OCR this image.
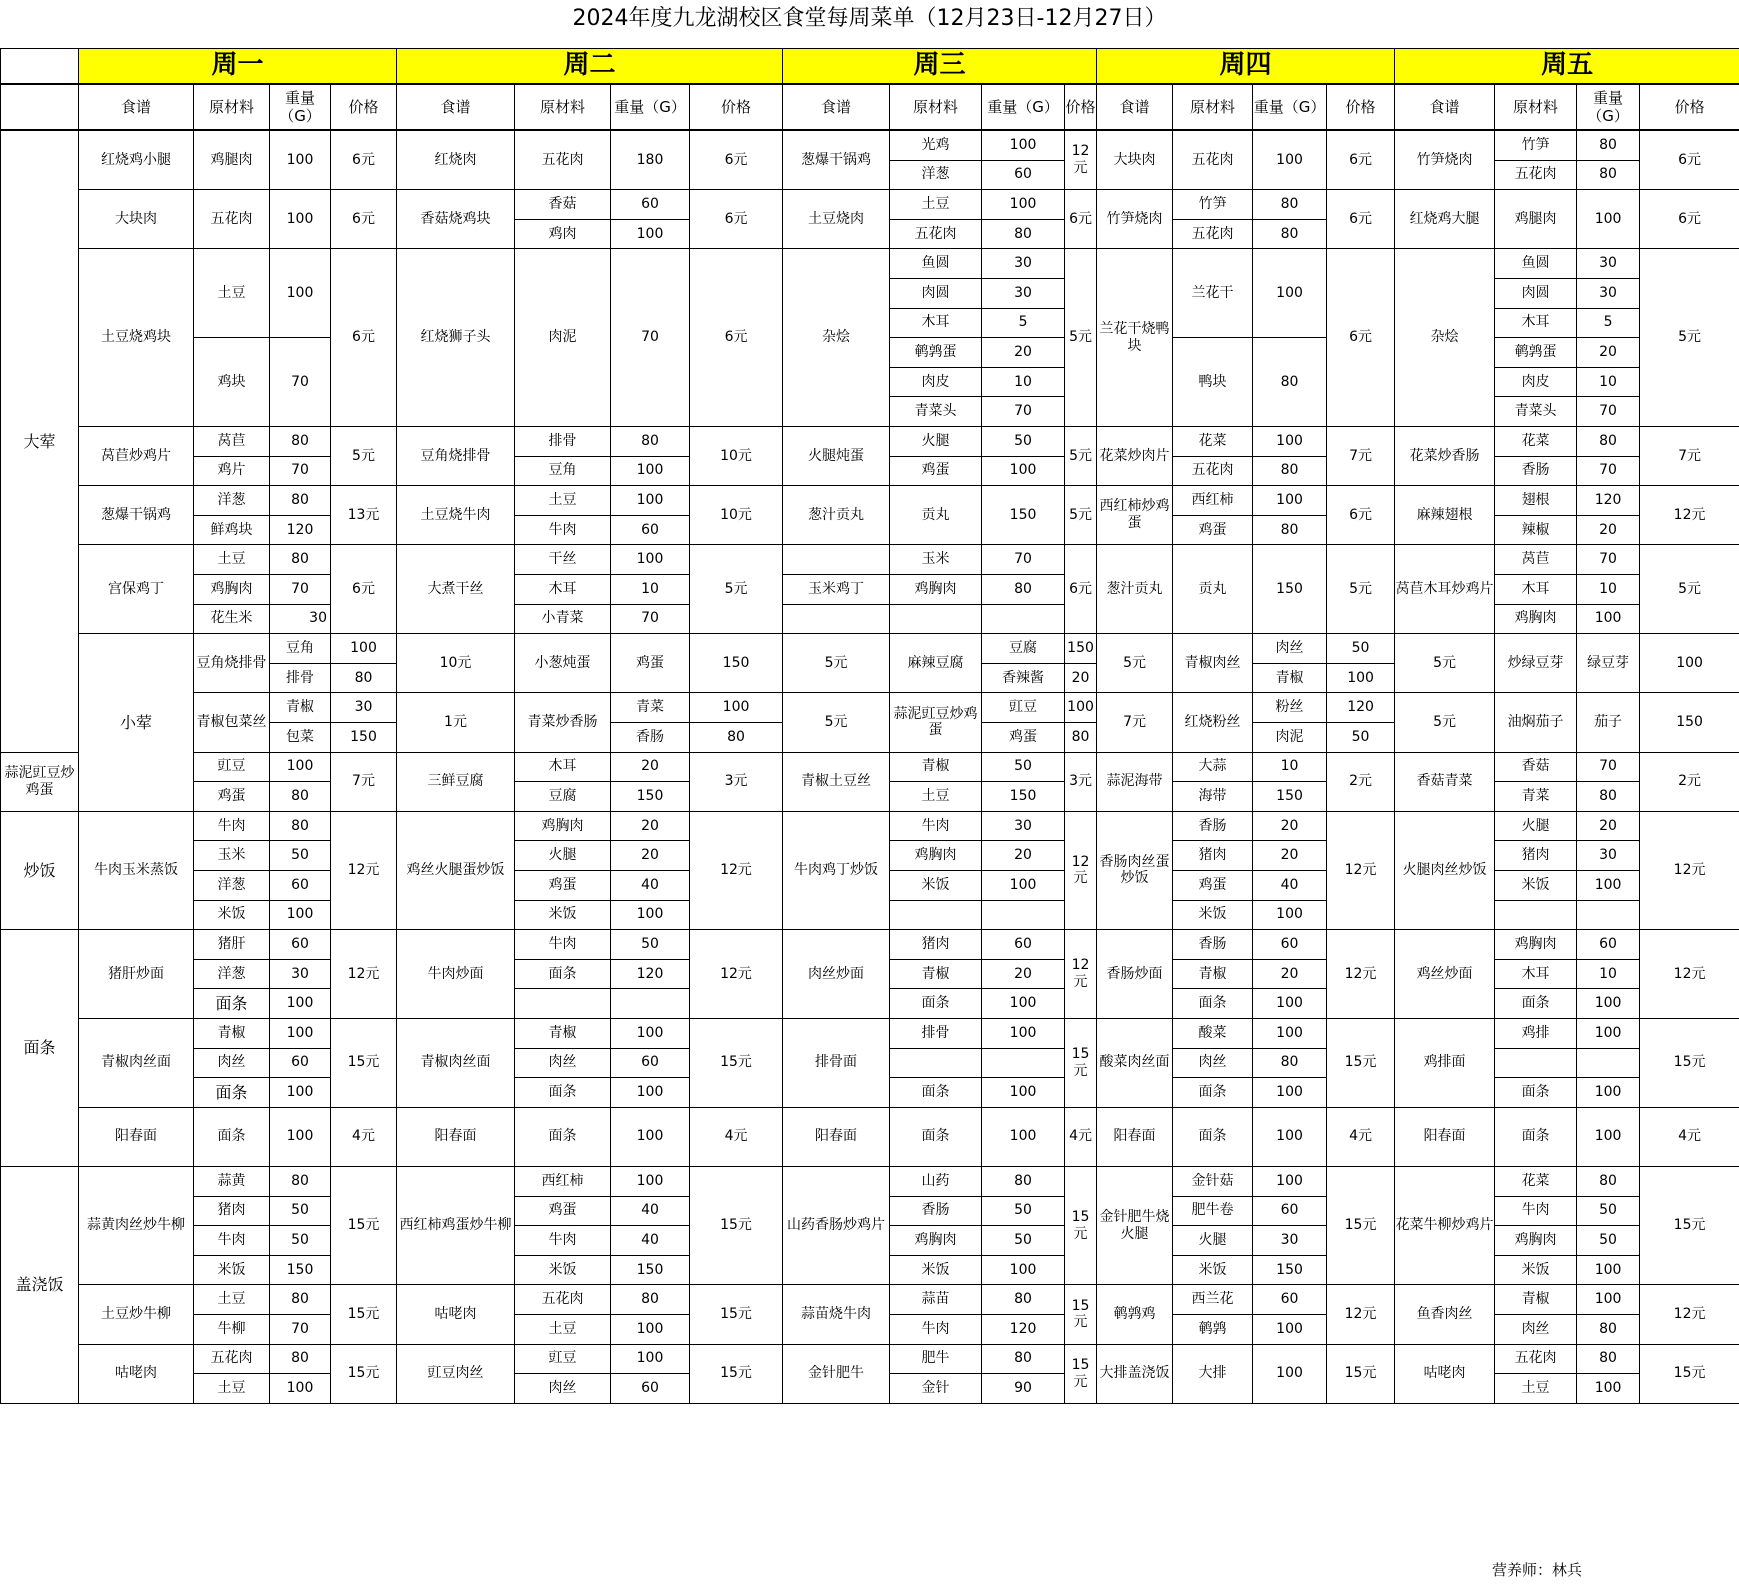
2024年度九龙湖校区食堂每周菜单（12月23日-12月27日）
	周一				周二				周三				周四				周五				
	食谱	原材料	重量（G）	价格	食谱	原材料	重量（G）	价格	食谱	原材料	重量（G）	价格	食谱	原材料	重量（G）	价格	食谱	原材料	重量（G）	价格	
大荤	红烧鸡小腿	鸡腿肉	100	6元	红烧肉	五花肉	180	6元	葱爆干锅鸡	光鸡	100	12元	大块肉	五花肉	100	6元	竹笋烧肉	竹笋	80	6元	
										洋葱	60							五花肉	80		
	大块肉	五花肉	100	6元	香菇烧鸡块	香菇	60	6元	土豆烧肉	土豆	100	6元	竹笋烧肉	竹笋	80	6元	红烧鸡大腿	鸡腿肉	100	6元	
						鸡肉	100			五花肉	80			五花肉	80						
	土豆烧鸡块	土豆	100	6元	红烧狮子头	肉泥	70	6元	杂烩	鱼圆	30	5元	兰花干烧鸭块	兰花干	100	6元	杂烩	鱼圆	30	5元	
										肉圆	30							肉圆	30		
										木耳	5							木耳	5		
		鸡块	70							鹌鹑蛋	20			鸭块	80			鹌鹑蛋	20		
										肉皮	10							肉皮	10		
										青菜头	70							青菜头	70		
	莴苣炒鸡片	莴苣	80	5元	豆角烧排骨	排骨	80	10元	火腿炖蛋	火腿	50	5元	花菜炒肉片	花菜	100	7元	花菜炒香肠	花菜	80	7元	
		鸡片	70			豆角	100			鸡蛋	100			五花肉	80			香肠	70		
	葱爆干锅鸡	洋葱	80	13元	土豆烧牛肉	土豆	100	10元	葱汁贡丸	贡丸	150	5元	西红柿炒鸡蛋	西红柿	100	6元	麻辣翅根	翅根	120	12元	
		鲜鸡块	120			牛肉	60							鸡蛋	80			辣椒	20		
	宫保鸡丁	土豆	80	6元	大煮干丝	干丝	100	5元		玉米	70	6元	葱汁贡丸	贡丸	150	5元	莴苣木耳炒鸡片	莴苣	70	5元	
		鸡胸肉	70			木耳	10		玉米鸡丁	鸡胸肉	80							木耳	10		
		花生米	30			小青菜	70											鸡胸肉	100		
	小荤	豆角烧排骨	豆角	100	10元	小葱炖蛋	鸡蛋	150	5元	麻辣豆腐	豆腐	150	5元	青椒肉丝	肉丝	50	5元	炒绿豆芽	绿豆芽	100	
			排骨	80							香辣酱	20			青椒	100					
		青椒包菜丝	青椒	30	1元	青菜炒香肠	青菜	100	5元	蒜泥豇豆炒鸡蛋	豇豆	100	7元	红烧粉丝	粉丝	120	5元	油焖茄子	茄子	150	
			包菜	150			香肠	80			鸡蛋	80			肉泥	50					
蒜泥豇豆炒鸡蛋		豇豆	100	7元	三鲜豆腐	木耳	20	3元	青椒土豆丝	青椒	50	3元	蒜泥海带	大蒜	10	2元	香菇青菜	香菇	70	2元	
		鸡蛋	80			豆腐	150			土豆	150			海带	150			青菜	80		
炒饭	牛肉玉米蒸饭	牛肉	80	12元	鸡丝火腿蛋炒饭	鸡胸肉	20	12元	牛肉鸡丁炒饭	牛肉	30	12元	香肠肉丝蛋炒饭	香肠	20	12元	火腿肉丝炒饭	火腿	20	12元	
		玉米	50			火腿	20			鸡胸肉	20			猪肉	20			猪肉	30		
		洋葱	60			鸡蛋	40			米饭	100			鸡蛋	40			米饭	100		
		米饭	100			米饭	100							米饭	100						
面条	猪肝炒面	猪肝	60	12元	牛肉炒面	牛肉	50	12元	肉丝炒面	猪肉	60	12元	香肠炒面	香肠	60	12元	鸡丝炒面	鸡胸肉	60	12元	
		洋葱	30			面条	120			青椒	20			青椒	20			木耳	10		
		面条	100							面条	100			面条	100			面条	100		
	青椒肉丝面	青椒	100	15元	青椒肉丝面	青椒	100	15元	排骨面	排骨	100	15元	酸菜肉丝面	酸菜	100	15元	鸡排面	鸡排	100	15元	
		肉丝	60			肉丝	60							肉丝	80						
		面条	100			面条	100			面条	100			面条	100			面条	100		
	阳春面	面条	100	4元	阳春面	面条	100	4元	阳春面	面条	100	4元	阳春面	面条	100	4元	阳春面	面条	100	4元	

盖浇饭	蒜黄肉丝炒牛柳	蒜黄	80	15元	西红柿鸡蛋炒牛柳	西红柿	100	15元	山药香肠炒鸡片	山药	80	15元	金针肥牛烧火腿	金针菇	100	15元	花菜牛柳炒鸡片	花菜	80	15元	
		猪肉	50			鸡蛋	40			香肠	50			肥牛卷	60			牛肉	50		
		牛肉	50			牛肉	40			鸡胸肉	50			火腿	30			鸡胸肉	50		
		米饭	150			米饭	150			米饭	100			米饭	150			米饭	100		
	土豆炒牛柳	土豆	80	15元	咕咾肉	五花肉	80	15元	蒜苗烧牛肉	蒜苗	80	15元	鹌鹑鸡	西兰花	60	12元	鱼香肉丝	青椒	100	12元	
		牛柳	70			土豆	100			牛肉	120			鹌鹑	100			肉丝	80		
	咕咾肉	五花肉	80	15元	豇豆肉丝	豇豆	100	15元	金针肥牛	肥牛	80	15元	大排盖浇饭	大排	100	15元	咕咾肉	五花肉	80	15元	
		土豆	100			肉丝	60			金针	90							土豆	100		
营养师：林兵
